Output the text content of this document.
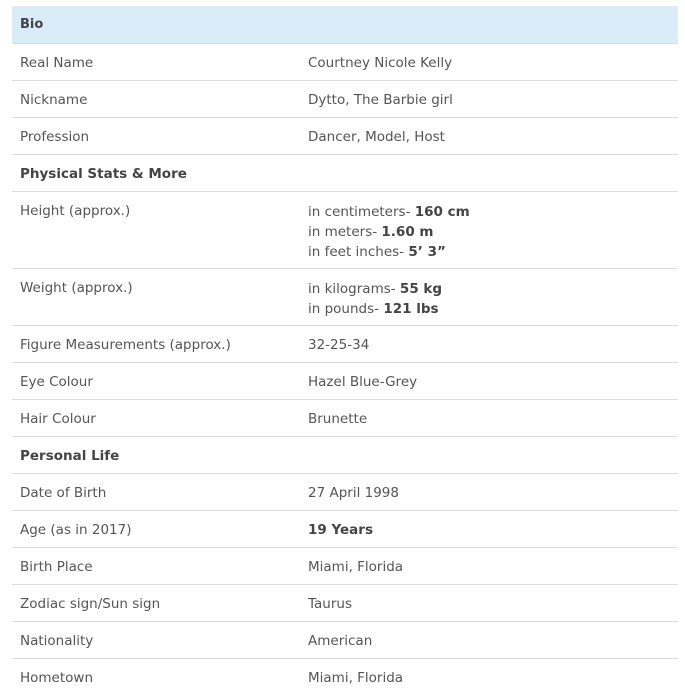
Bio
Real Name	Courtney Nicole Kelly
Nickname	Dytto, The Barbie girl
Profession	Dancer, Model, Host
Physical Stats & More
Height (approx.)	in centimeters- 160 cm
in meters- 1.60 m
in feet inches- 5’ 3”
Weight (approx.)	in kilograms- 55 kg
in pounds- 121 lbs
Figure Measurements (approx.)	32-25-34
Eye Colour	Hazel Blue-Grey
Hair Colour	Brunette
Personal Life
Date of Birth	27 April 1998
Age (as in 2017)	19 Years
Birth Place	Miami, Florida
Zodiac sign/Sun sign	Taurus
Nationality	American
Hometown	Miami, Florida
